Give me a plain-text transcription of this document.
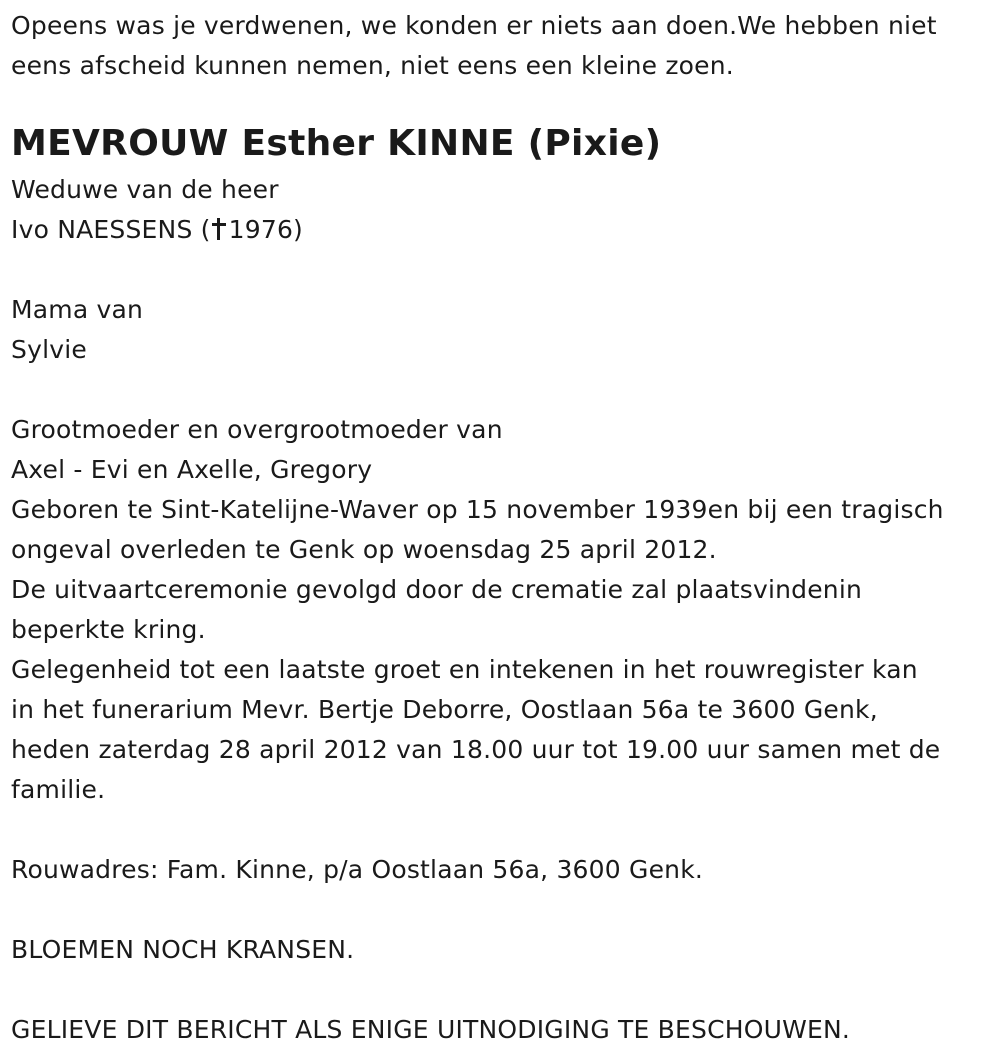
Opeens was je verdwenen, we konden er niets aan doen.We hebben niet
eens afscheid kunnen nemen, niet eens een kleine zoen.
MEVROUW Esther KINNE (Pixie)
Weduwe van de heer
Ivo NAESSENS ( 1976)
Mama van
Sylvie
Grootmoeder en overgrootmoeder van
Axel - Evi en Axelle, Gregory
Geboren te Sint-Katelijne-Waver op 15 november 1939en bij een tragisch
ongeval overleden te Genk op woensdag 25 april 2012.
De uitvaartceremonie gevolgd door de crematie zal plaatsvindenin
beperkte kring.
Gelegenheid tot een laatste groet en intekenen in het rouwregister kan
in het funerarium Mevr. Bertje Deborre, Oostlaan 56a te 3600 Genk,
heden zaterdag 28 april 2012 van 18.00 uur tot 19.00 uur samen met de
familie.
Rouwadres: Fam. Kinne, p/a Oostlaan 56a, 3600 Genk.
BLOEMEN NOCH KRANSEN.
GELIEVE DIT BERICHT ALS ENIGE UITNODIGING TE BESCHOUWEN.
